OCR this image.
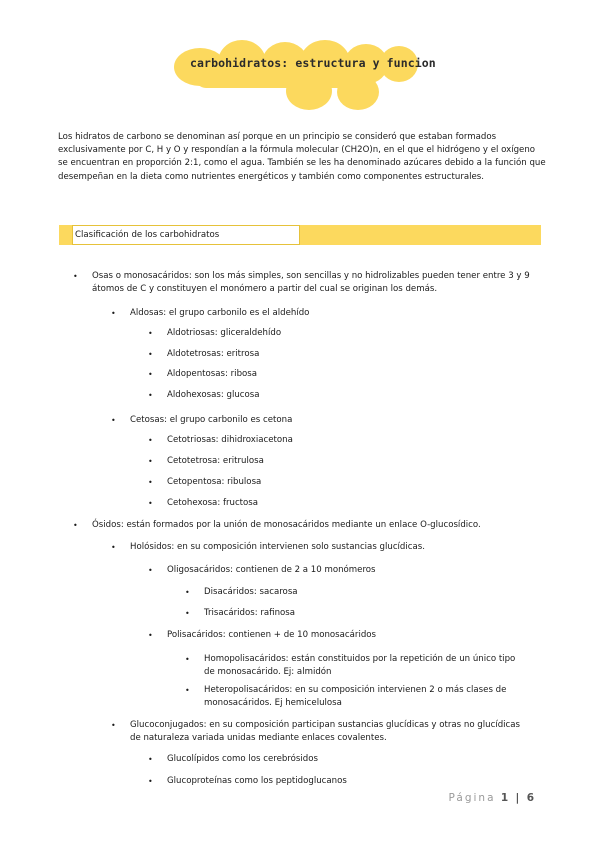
carbohidratos: estructura y funcion
Los hidratos de carbono se denominan así porque en un principio se consideró que estaban formados exclusivamente por C, H y O y respondían a la fórmula molecular (CH2O)n, en el que el hidrógeno y el oxígeno se encuentran en proporción 2:1, como el agua. También se les ha denominado azúcares debido a la función que desempeñan en la dieta como nutrientes energéticos y también como componentes estructurales.
Clasificación de los carbohidratos
• Osas o monosacáridos: son los más simples, son sencillas y no hidrolizables pueden tener entre 3 y 9 átomos de C y constituyen el monómero a partir del cual se originan los demás.
• Aldosas: el grupo carbonilo es el aldehído
• Aldotriosas: gliceraldehído
• Aldotetrosas: eritrosa
• Aldopentosas: ribosa
• Aldohexosas: glucosa
• Cetosas: el grupo carbonilo es cetona
• Cetotriosas: dihidroxiacetona
• Cetotetrosa: eritrulosa
• Cetopentosa: ribulosa
• Cetohexosa: fructosa
• Ósidos: están formados por la unión de monosacáridos mediante un enlace O-glucosídico.
• Holósidos: en su composición intervienen solo sustancias glucídicas.
• Oligosacáridos: contienen de 2 a 10 monómeros
• Disacáridos: sacarosa
• Trisacáridos: rafinosa
• Polisacáridos: contienen + de 10 monosacáridos
• Homopolisacáridos: están constituidos por la repetición de un único tipo de monosacárido. Ej: almidón
• Heteropolisacáridos: en su composición intervienen 2 o más clases de monosacáridos. Ej hemicelulosa
• Glucoconjugados: en su composición participan sustancias glucídicas y otras no glucídicas de naturaleza variada unidas mediante enlaces covalentes.
• Glucolípidos como los cerebrósidos
• Glucoproteínas como los peptidoglucanos
Página 1 | 6
